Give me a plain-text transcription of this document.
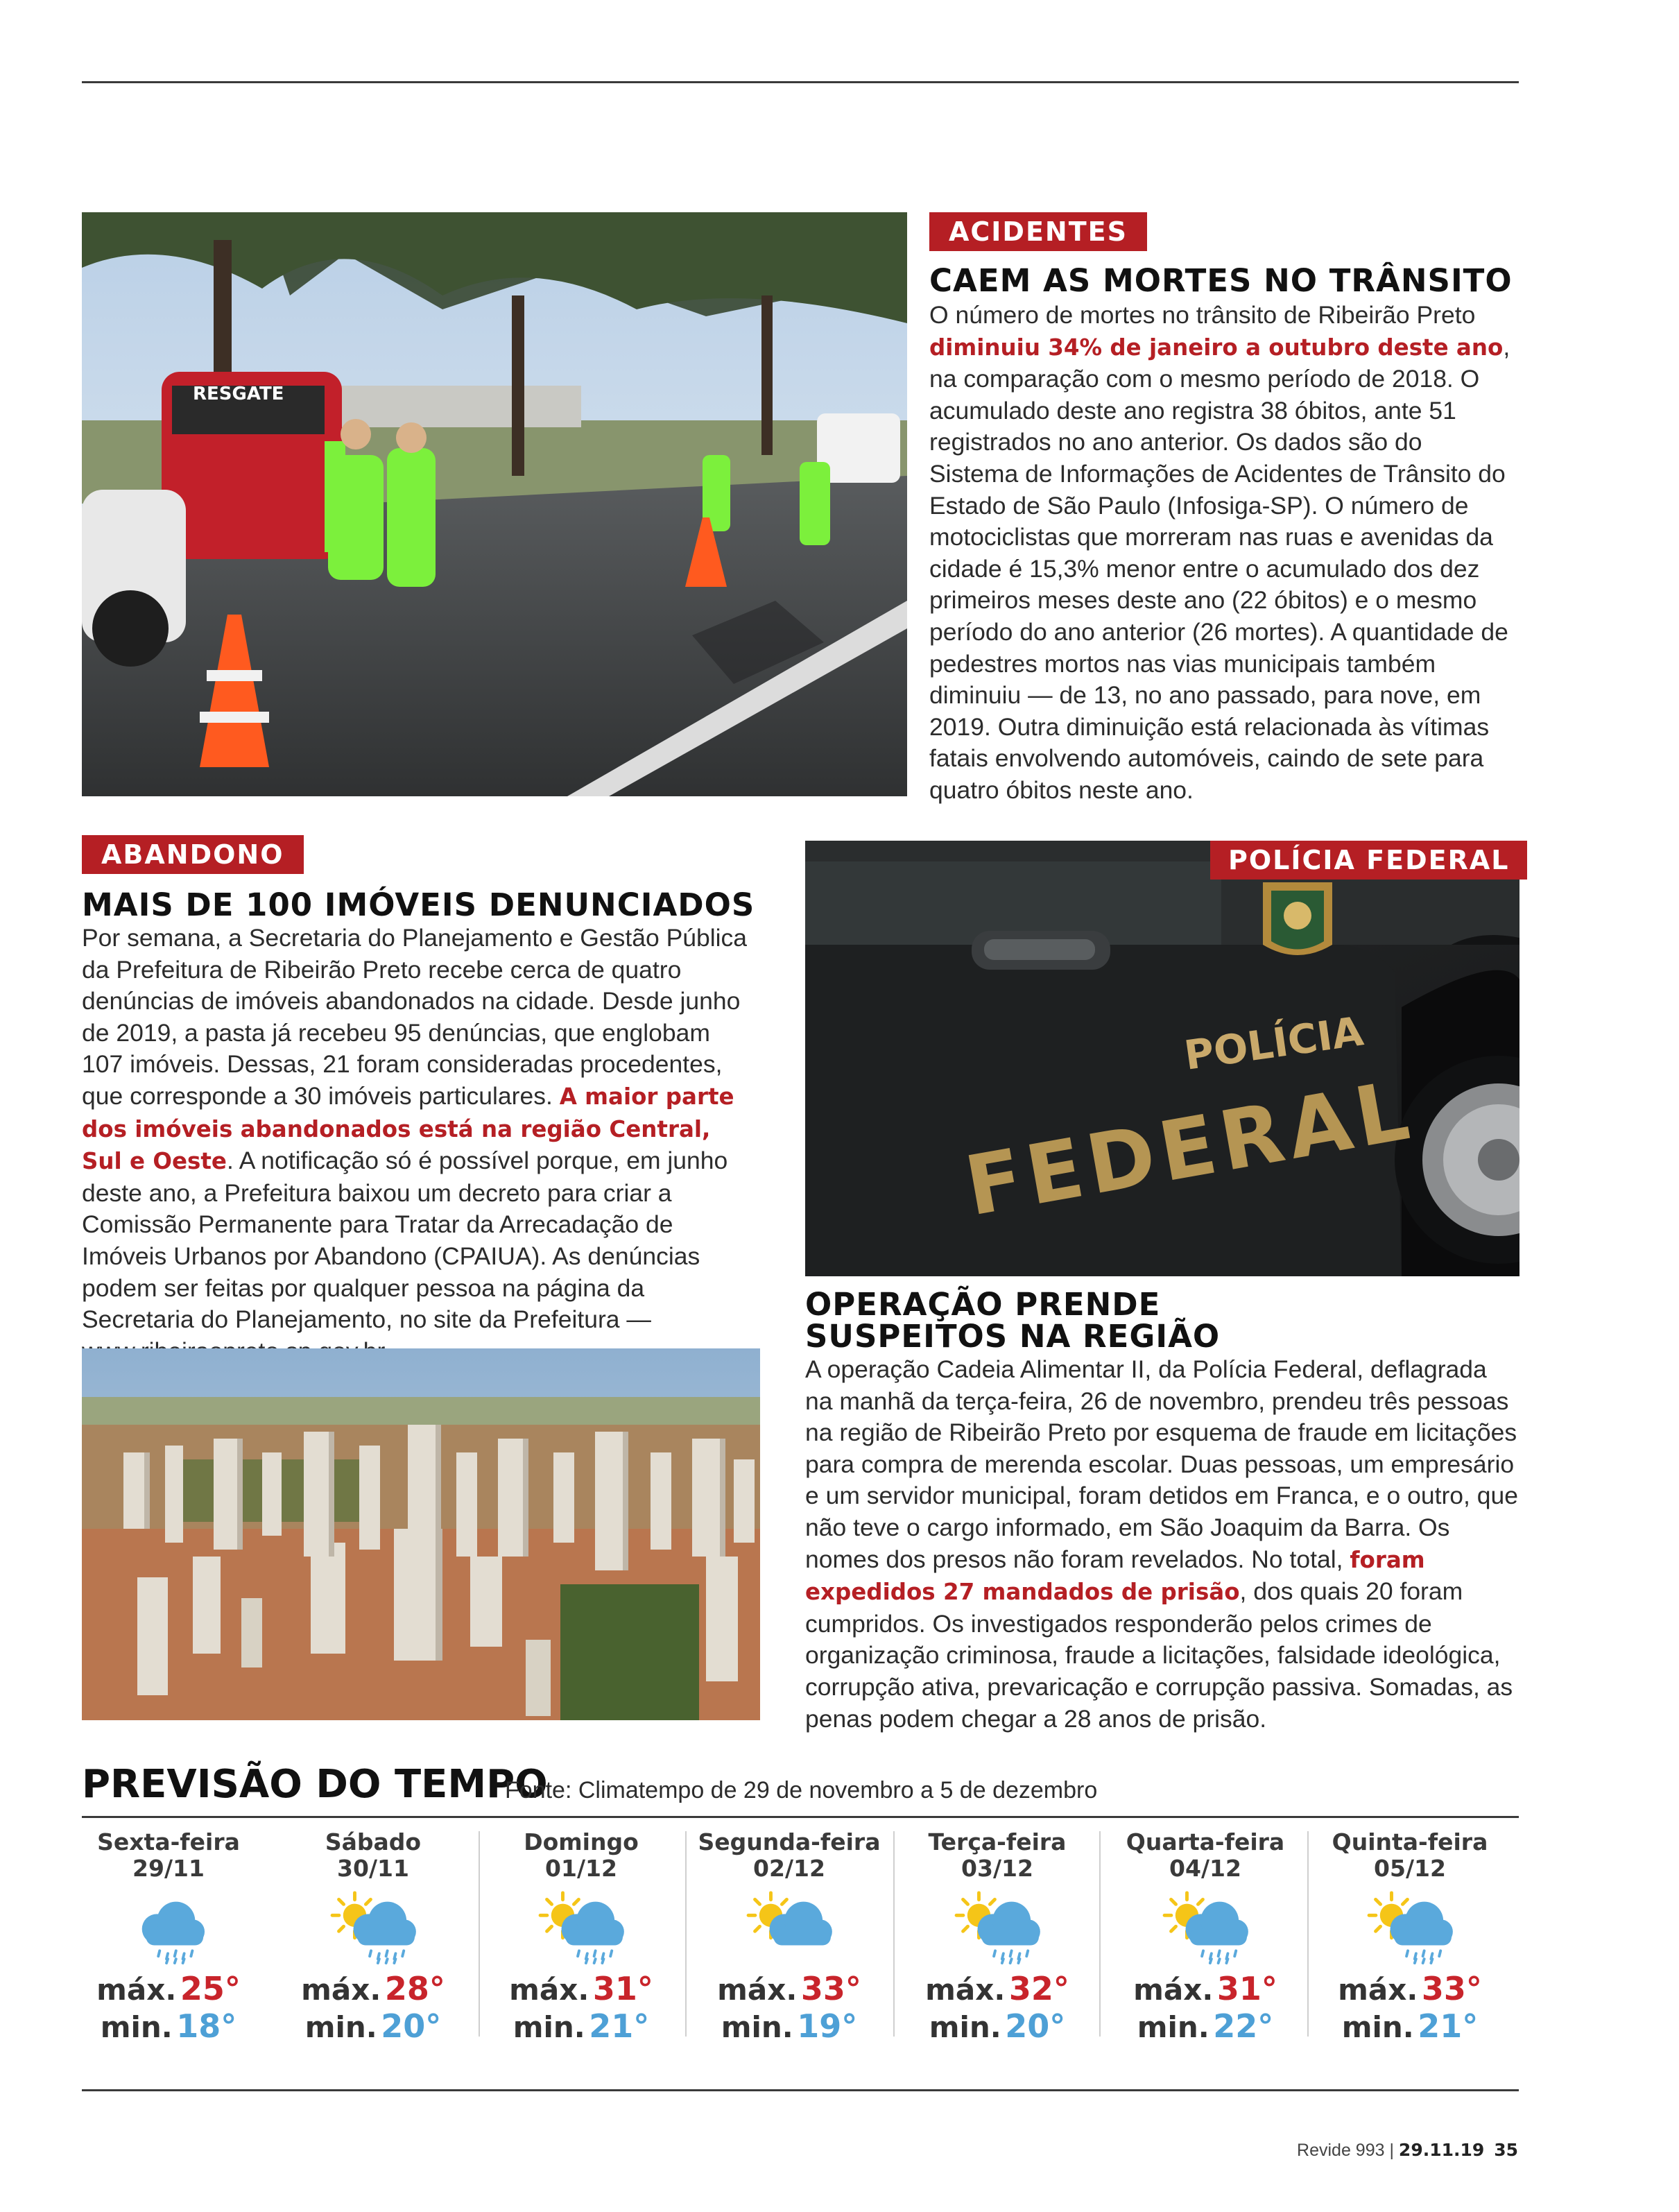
RESGATE
ACIDENTES
CAEM AS MORTES NO TRÂNSITO

O número de mortes no trânsito de Ribeirão Preto diminuiu 34% de janeiro a outubro deste ano, na comparação com o mesmo período de 2018. O acumulado deste ano registra 38 óbitos, ante 51 registrados no ano anterior. Os dados são do Sistema de Informações de Acidentes de Trânsito do Estado de São Paulo (Infosiga-SP). O número de motociclistas que morreram nas ruas e avenidas da cidade é 15,3% menor entre o acumulado dos dez primeiros meses deste ano (22 óbitos) e o mesmo período do ano anterior (26 mortes). A quantidade de pedestres mortos nas vias municipais também diminuiu — de 13, no ano passado, para nove, em 2019. Outra diminuição está relacionada às vítimas fatais envolvendo automóveis, caindo de sete para quatro óbitos neste ano.

ABANDONO
MAIS DE 100 IMÓVEIS DENUNCIADOS

Por semana, a Secretaria do Planejamento e Gestão Pública da Prefeitura de Ribeirão Preto recebe cerca de quatro denúncias de imóveis abandonados na cidade. Desde junho de 2019, a pasta já recebeu 95 denúncias, que englobam 107 imóveis. Dessas, 21 foram consideradas procedentes, que corresponde a 30 imóveis particulares. A maior parte dos imóveis abandonados está na região Central, Sul e Oeste. A notificação só é possível porque, em junho deste ano, a Prefeitura baixou um decreto para criar a Comissão Permanente para Tratar da Arrecadação de Imóveis Urbanos por Abandono (CPAIUA). As denúncias podem ser feitas por qualquer pessoa na página da Secretaria do Planejamento, no site da Prefeitura —

POLÍCIA
FEDERAL
POLÍCIA FEDERAL
OPERAÇÃO PRENDE
SUSPEITOS NA REGIÃO

A operação Cadeia Alimentar II, da Polícia Federal, deflagrada na manhã da terça-feira, 26 de novembro, prendeu três pessoas na região de Ribeirão Preto por esquema de fraude em licitações para compra de merenda escolar. Duas pessoas, um empresário e um servidor municipal, foram detidos em Franca, e o outro, que não teve o cargo informado, em São Joaquim da Barra. Os nomes dos presos não foram revelados. No total, foram expedidos 27 mandados de prisão, dos quais 20 foram cumpridos. Os investigados responderão pelos crimes de organização criminosa, fraude a licitações, falsidade ideológica, corrupção ativa, prevaricação e corrupção passiva. Somadas, as penas podem chegar a 28 anos de prisão.

PREVISÃO DO TEMPO
Fonte: Climatempo de 29 de novembro a 5 de dezembro
Sexta-feira
29/11
máx. 25°
min. 18°
Sábado
30/11
máx. 28°
min. 20°
Domingo
01/12
máx. 31°
min. 21°
Segunda-feira
02/12
máx. 33°
min. 19°
Terça-feira
03/12
máx. 32°
min. 20°
Quarta-feira
04/12
máx. 31°
min. 22°
Quinta-feira
05/12
máx. 33°
min. 21°
Revide 993 | 29.11.19 35
